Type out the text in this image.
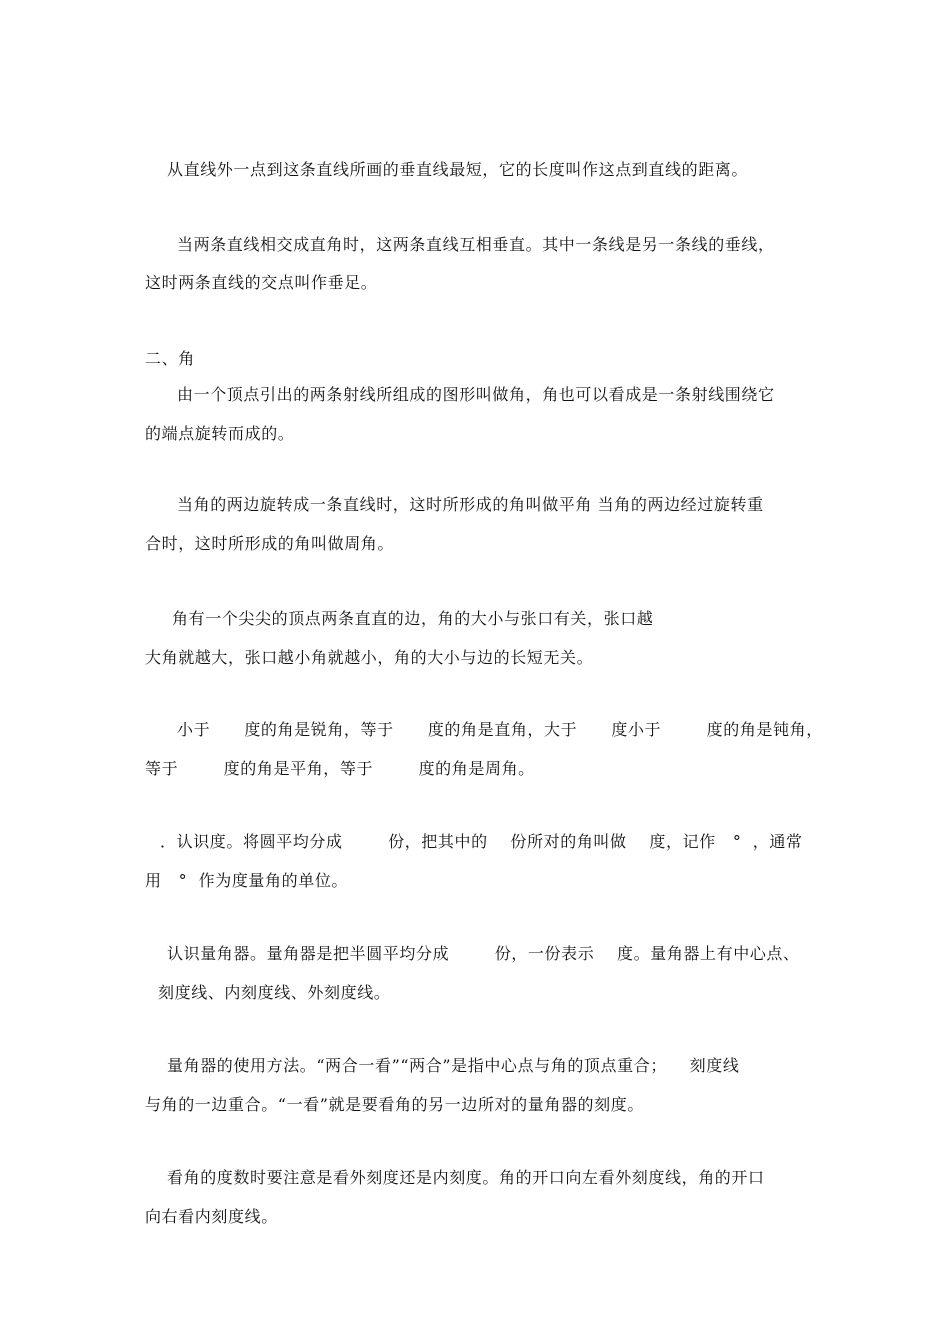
从直线外一点到这条直线所画的垂直线最短，它的长度叫作这点到直线的距离。
当两条直线相交成直角时，这两条直线互相垂直。其中一条线是另一条线的垂线，
这时两条直线的交点叫作垂足。
二、角
由一个顶点引出的两条射线所组成的图形叫做角，角也可以看成是一条射线围绕它
的端点旋转而成的。
当角的两边旋转成一条直线时，这时所形成的角叫做平角 当角的两边经过旋转重
合时，这时所形成的角叫做周角。
角有一个尖尖的顶点两条直直的边，角的大小与张口有关，张口越
大角就越大，张口越小角就越小，角的大小与边的长短无关。
小于      度的角是锐角，等于      度的角是直角，大于      度小于        度的角是钝角，
等于        度的角是平角，等于        度的角是周角。
．认识度。将圆平均分成        份，把其中的    份所对的角叫做    度，记作   °  ，通常
用   °  作为度量角的单位。
认识量角器。量角器是把半圆平均分成        份，一份表示    度。量角器上有中心点、
刻度线、内刻度线、外刻度线。
量角器的使用方法。“两合一看”“两合”是指中心点与角的顶点重合；    刻度线
与角的一边重合。“一看”就是要看角的另一边所对的量角器的刻度。
看角的度数时要注意是看外刻度还是内刻度。角的开口向左看外刻度线，角的开口
向右看内刻度线。
